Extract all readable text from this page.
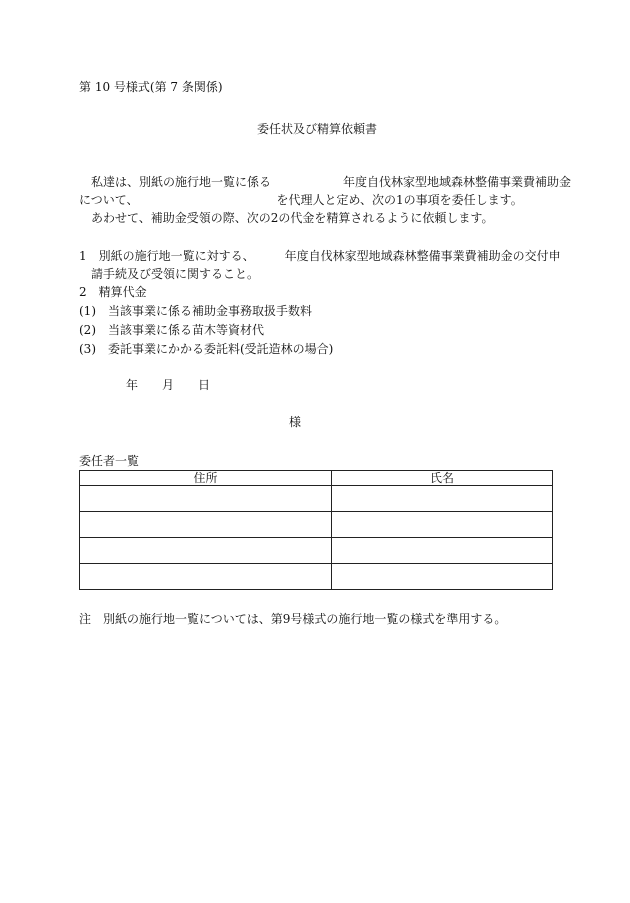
第 10 号様式(第 7 条関係)
委任状及び精算依頼書
私達は、別紙の施行地一覧に係る　　　　　　年度自伐林家型地域森林整備事業費補助金
について、　　　　　　　　　　　　を代理人と定め、次の1の事項を委任します。
あわせて、補助金受領の際、次の2の代金を精算されるように依頼します。
1　別紙の施行地一覧に対する、　　　年度自伐林家型地域森林整備事業費補助金の交付申
請手続及び受領に関すること。
2　精算代金
(1)　当該事業に係る補助金事務取扱手数料
(2)　当該事業に係る苗木等資材代
(3)　委託事業にかかる委託料(受託造林の場合)
年 月 日
様
委任者一覧
住所	氏名

注　別紙の施行地一覧については、第9号様式の施行地一覧の様式を準用する。
